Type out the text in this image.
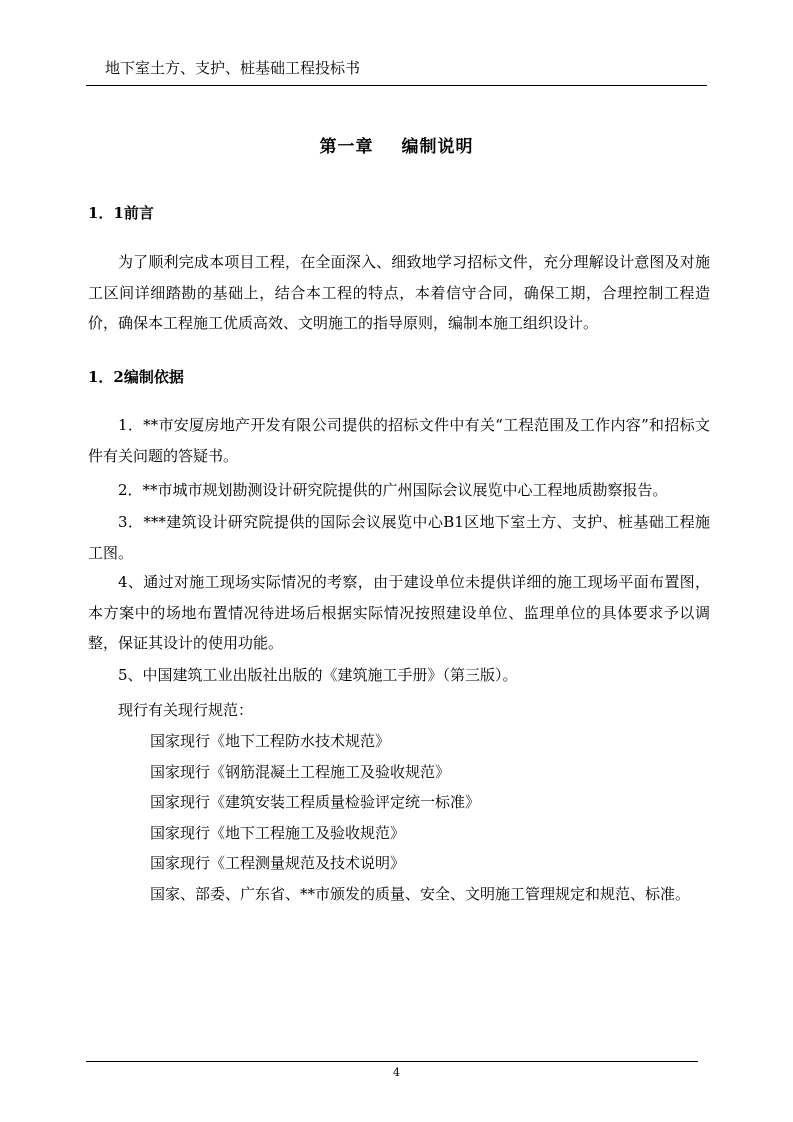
地下室土方、支护、桩基础工程投标书
第一章 编制说明
1．1前言

为了顺利完成本项目工程，在全面深入、细致地学习招标文件，充分理解设计意图及对施工区间详细踏勘的基础上，结合本工程的特点，本着信守合同，确保工期，合理控制工程造价，确保本工程施工优质高效、文明施工的指导原则，编制本施工组织设计。

1．2编制依据

1．**市安厦房地产开发有限公司提供的招标文件中有关“工程范围及工作内容”和招标文件有关问题的答疑书。

2．**市城市规划勘测设计研究院提供的广州国际会议展览中心工程地质勘察报告。

3．***建筑设计研究院提供的国际会议展览中心B1区地下室土方、支护、桩基础工程施工图。

4、通过对施工现场实际情况的考察，由于建设单位未提供详细的施工现场平面布置图，本方案中的场地布置情况待进场后根据实际情况按照建设单位、监理单位的具体要求予以调整，保证其设计的使用功能。

5、中国建筑工业出版社出版的《建筑施工手册》（第三版）。

现行有关现行规范：
国家现行《地下工程防水技术规范》
国家现行《钢筋混凝土工程施工及验收规范》
国家现行《建筑安装工程质量检验评定统一标准》
国家现行《地下工程施工及验收规范》
国家现行《工程测量规范及技术说明》
国家、部委、广东省、**市颁发的质量、安全、文明施工管理规定和规范、标准。
4
